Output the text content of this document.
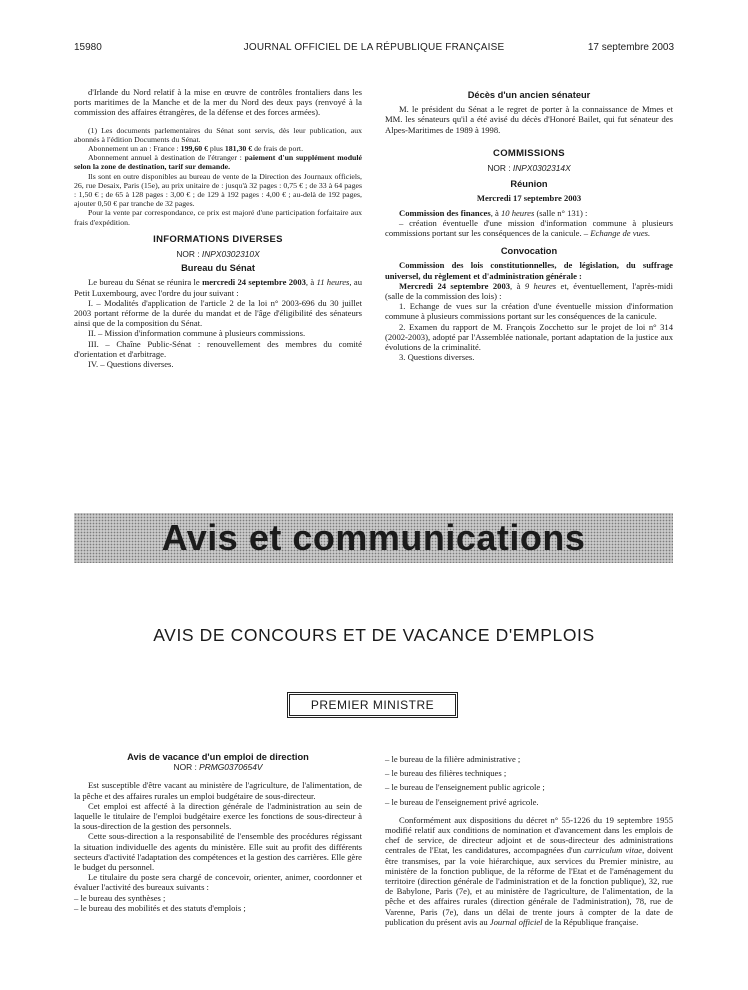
15980	JOURNAL OFFICIEL DE LA RÉPUBLIQUE FRANÇAISE	17 septembre 2003

d'Irlande du Nord relatif à la mise en œuvre de contrôles frontaliers dans les ports maritimes de la Manche et de la mer du Nord des deux pays (renvoyé à la commission des affaires étrangères, de la défense et des forces armées).

(1) Les documents parlementaires du Sénat sont servis, dès leur publication, aux abonnés à l'édition Documents du Sénat.

Abonnement un an : France : 199,60 € plus 181,30 € de frais de port.

Abonnement annuel à destination de l'étranger : paiement d'un supplément modulé selon la zone de destination, tarif sur demande.

Ils sont en outre disponibles au bureau de vente de la Direction des Journaux officiels, 26, rue Desaix, Paris (15e), au prix unitaire de : jusqu'à 32 pages : 0,75 € ; de 33 à 64 pages : 1,50 € ; de 65 à 128 pages : 3,00 € ; de 129 à 192 pages : 4,00 € ; au-delà de 192 pages, ajouter 0,50 € par tranche de 32 pages.

Pour la vente par correspondance, ce prix est majoré d'une participation forfaitaire aux frais d'expédition.

INFORMATIONS DIVERSES

NOR : INPX0302310X

Bureau du Sénat

Le bureau du Sénat se réunira le mercredi 24 septembre 2003, à 11 heures, au Petit Luxembourg, avec l'ordre du jour suivant :

I. – Modalités d'application de l'article 2 de la loi n° 2003-696 du 30 juillet 2003 portant réforme de la durée du mandat et de l'âge d'éligibilité des sénateurs ainsi que de la composition du Sénat.

II. – Mission d'information commune à plusieurs commissions.

III. – Chaîne Public-Sénat : renouvellement des membres du comité d'orientation et d'arbitrage.

IV. – Questions diverses.

Décès d'un ancien sénateur

M. le président du Sénat a le regret de porter à la connaissance de Mmes et MM. les sénateurs qu'il a été avisé du décès d'Honoré Bailet, qui fut sénateur des Alpes-Maritimes de 1989 à 1998.

COMMISSIONS

NOR : INPX0302314X

Réunion

Mercredi 17 septembre 2003

Commission des finances, à 10 heures (salle n° 131) :

– création éventuelle d'une mission d'information commune à plusieurs commissions portant sur les conséquences de la canicule. – Echange de vues.

Convocation

Commission des lois constitutionnelles, de législation, du suffrage universel, du règlement et d'administration générale :

Mercredi 24 septembre 2003, à 9 heures et, éventuellement, l'après-midi (salle de la commission des lois) :

1. Echange de vues sur la création d'une éventuelle mission d'information commune à plusieurs commissions portant sur les conséquences de la canicule.

2. Examen du rapport de M. François Zocchetto sur le projet de loi n° 314 (2002-2003), adopté par l'Assemblée nationale, portant adaptation de la justice aux évolutions de la criminalité.

3. Questions diverses.

Avis et communications
AVIS DE CONCOURS ET DE VACANCE D'EMPLOIS
PREMIER MINISTRE

Avis de vacance d'un emploi de direction

NOR : PRMG0370654V

Est susceptible d'être vacant au ministère de l'agriculture, de l'alimentation, de la pêche et des affaires rurales un emploi budgétaire de sous-directeur.

Cet emploi est affecté à la direction générale de l'administration au sein de laquelle le titulaire de l'emploi budgétaire exerce les fonctions de sous-directeur à la sous-direction de la gestion des personnels.

Cette sous-direction a la responsabilité de l'ensemble des procédures régissant la situation individuelle des agents du ministère. Elle suit au profit des différents secteurs d'activité l'adaptation des compétences et la gestion des carrières. Elle gère le budget du personnel.

Le titulaire du poste sera chargé de concevoir, orienter, animer, coordonner et évaluer l'activité des bureaux suivants :

– le bureau des synthèses ;

– le bureau des mobilités et des statuts d'emplois ;

– le bureau de la filière administrative ;

– le bureau des filières techniques ;

– le bureau de l'enseignement public agricole ;

– le bureau de l'enseignement privé agricole.

Conformément aux dispositions du décret n° 55-1226 du 19 septembre 1955 modifié relatif aux conditions de nomination et d'avancement dans les emplois de chef de service, de directeur adjoint et de sous-directeur des administrations centrales de l'Etat, les candidatures, accompagnées d'un curriculum vitae, doivent être transmises, par la voie hiérarchique, aux services du Premier ministre, au ministère de la fonction publique, de la réforme de l'Etat et de l'aménagement du territoire (direction générale de l'administration et de la fonction publique), 32, rue de Babylone, Paris (7e), et au ministère de l'agriculture, de l'alimentation, de la pêche et des affaires rurales (direction générale de l'administration), 78, rue de Varenne, Paris (7e), dans un délai de trente jours à compter de la date de publication du présent avis au Journal officiel de la République française.
